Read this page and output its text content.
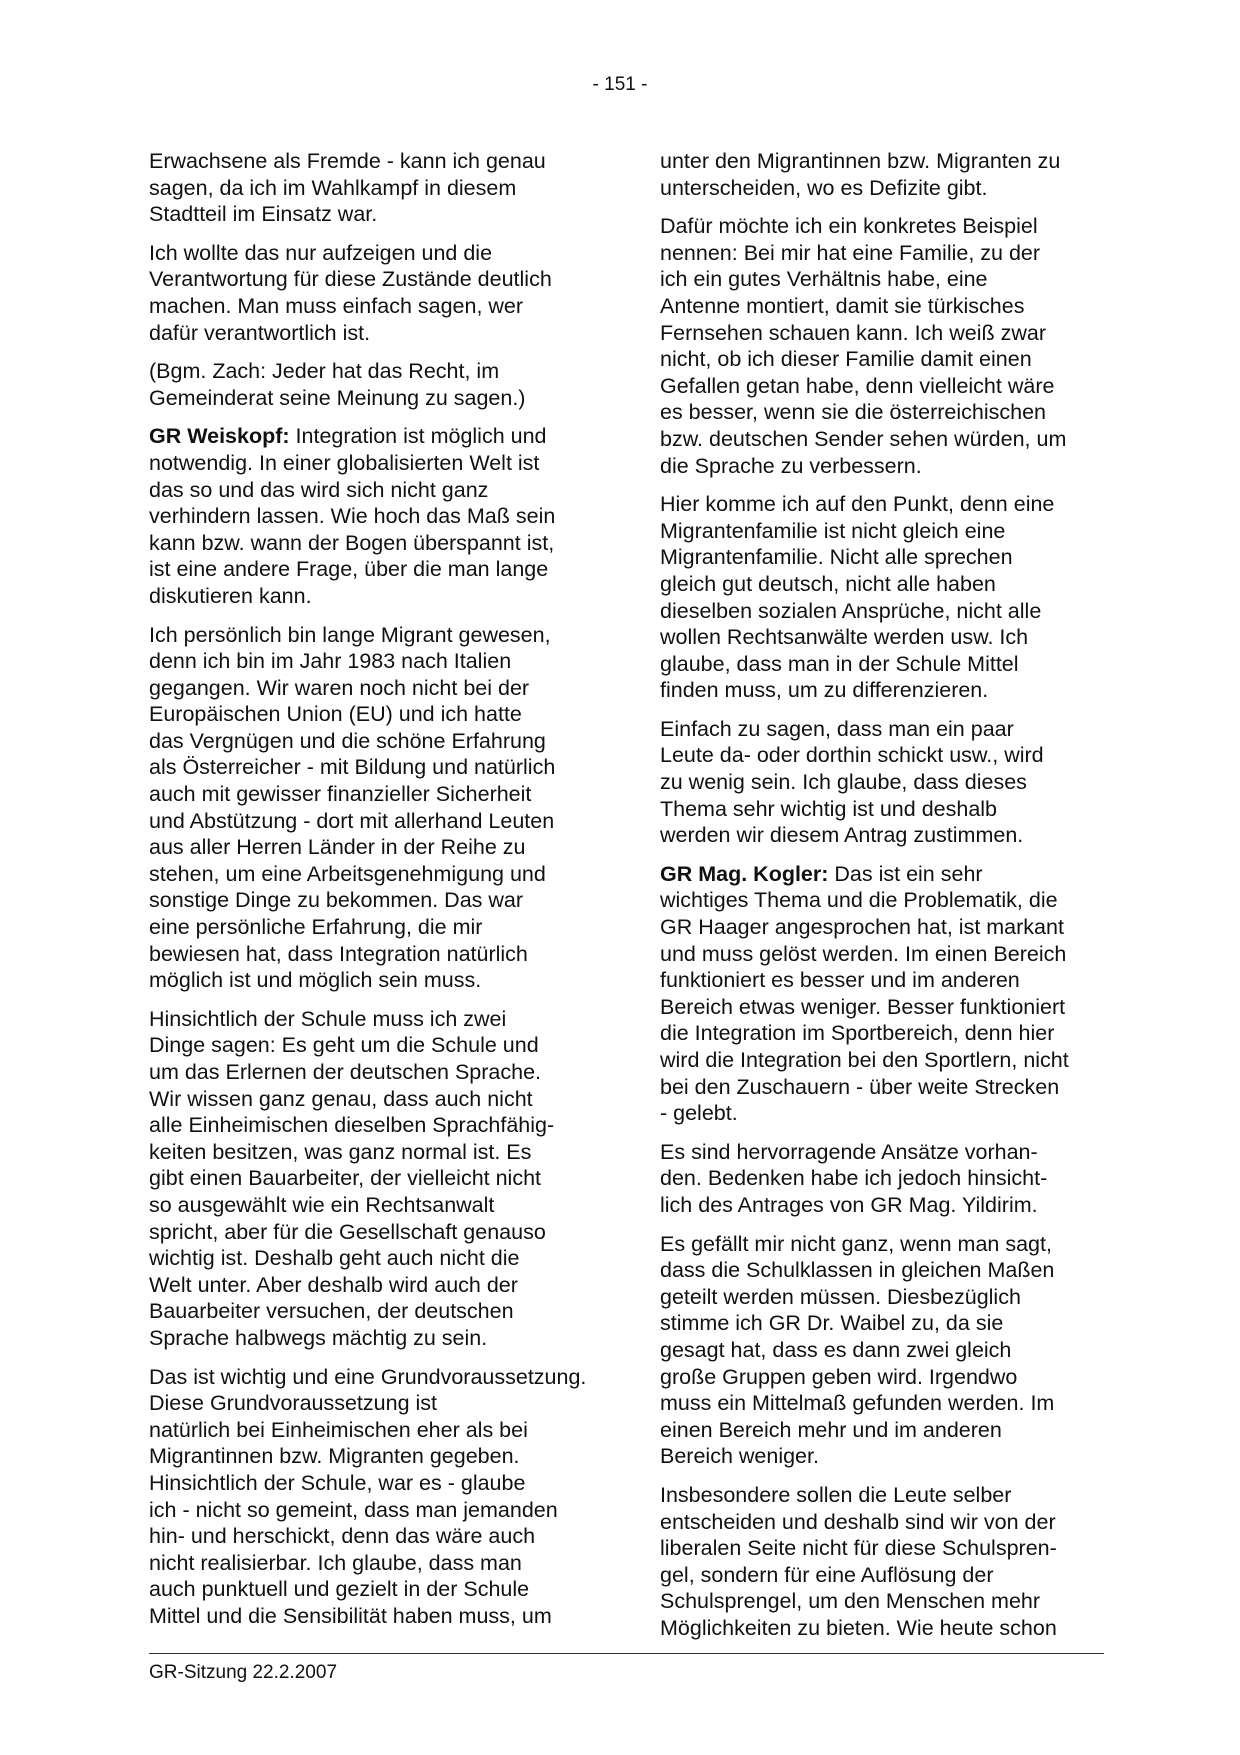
- 151 -

Erwachsene als Fremde - kann ich genau
sagen, da ich im Wahlkampf in diesem
Stadtteil im Einsatz war.

Ich wollte das nur aufzeigen und die
Verantwortung für diese Zustände deutlich
machen. Man muss einfach sagen, wer
dafür verantwortlich ist.

(Bgm. Zach: Jeder hat das Recht, im
Gemeinderat seine Meinung zu sagen.)

GR Weiskopf: Integration ist möglich und
notwendig. In einer globalisierten Welt ist
das so und das wird sich nicht ganz
verhindern lassen. Wie hoch das Maß sein
kann bzw. wann der Bogen überspannt ist,
ist eine andere Frage, über die man lange
diskutieren kann.

Ich persönlich bin lange Migrant gewesen,
denn ich bin im Jahr 1983 nach Italien
gegangen. Wir waren noch nicht bei der
Europäischen Union (EU) und ich hatte
das Vergnügen und die schöne Erfahrung
als Österreicher - mit Bildung und natürlich
auch mit gewisser finanzieller Sicherheit
und Abstützung - dort mit allerhand Leuten
aus aller Herren Länder in der Reihe zu
stehen, um eine Arbeitsgenehmigung und
sonstige Dinge zu bekommen. Das war
eine persönliche Erfahrung, die mir
bewiesen hat, dass Integration natürlich
möglich ist und möglich sein muss.

Hinsichtlich der Schule muss ich zwei
Dinge sagen: Es geht um die Schule und
um das Erlernen der deutschen Sprache.
Wir wissen ganz genau, dass auch nicht
alle Einheimischen dieselben Sprachfähig-
keiten besitzen, was ganz normal ist. Es
gibt einen Bauarbeiter, der vielleicht nicht
so ausgewählt wie ein Rechtsanwalt
spricht, aber für die Gesellschaft genauso
wichtig ist. Deshalb geht auch nicht die
Welt unter. Aber deshalb wird auch der
Bauarbeiter versuchen, der deutschen
Sprache halbwegs mächtig zu sein.

Das ist wichtig und eine Grundvoraussetzung.
Diese Grundvoraussetzung ist
natürlich bei Einheimischen eher als bei
Migrantinnen bzw. Migranten gegeben.
Hinsichtlich der Schule, war es - glaube
ich - nicht so gemeint, dass man jemanden
hin- und herschickt, denn das wäre auch
nicht realisierbar. Ich glaube, dass man
auch punktuell und gezielt in der Schule
Mittel und die Sensibilität haben muss, um

unter den Migrantinnen bzw. Migranten zu
unterscheiden, wo es Defizite gibt.

Dafür möchte ich ein konkretes Beispiel
nennen: Bei mir hat eine Familie, zu der
ich ein gutes Verhältnis habe, eine
Antenne montiert, damit sie türkisches
Fernsehen schauen kann. Ich weiß zwar
nicht, ob ich dieser Familie damit einen
Gefallen getan habe, denn vielleicht wäre
es besser, wenn sie die österreichischen
bzw. deutschen Sender sehen würden, um
die Sprache zu verbessern.

Hier komme ich auf den Punkt, denn eine
Migrantenfamilie ist nicht gleich eine
Migrantenfamilie. Nicht alle sprechen
gleich gut deutsch, nicht alle haben
dieselben sozialen Ansprüche, nicht alle
wollen Rechtsanwälte werden usw. Ich
glaube, dass man in der Schule Mittel
finden muss, um zu differenzieren.

Einfach zu sagen, dass man ein paar
Leute da- oder dorthin schickt usw., wird
zu wenig sein. Ich glaube, dass dieses
Thema sehr wichtig ist und deshalb
werden wir diesem Antrag zustimmen.

GR Mag. Kogler: Das ist ein sehr
wichtiges Thema und die Problematik, die
GR Haager angesprochen hat, ist markant
und muss gelöst werden. Im einen Bereich
funktioniert es besser und im anderen
Bereich etwas weniger. Besser funktioniert
die Integration im Sportbereich, denn hier
wird die Integration bei den Sportlern, nicht
bei den Zuschauern - über weite Strecken
- gelebt.

Es sind hervorragende Ansätze vorhan-
den. Bedenken habe ich jedoch hinsicht-
lich des Antrages von GR Mag. Yildirim.

Es gefällt mir nicht ganz, wenn man sagt,
dass die Schulklassen in gleichen Maßen
geteilt werden müssen. Diesbezüglich
stimme ich GR Dr. Waibel zu, da sie
gesagt hat, dass es dann zwei gleich
große Gruppen geben wird. Irgendwo
muss ein Mittelmaß gefunden werden. Im
einen Bereich mehr und im anderen
Bereich weniger.

Insbesondere sollen die Leute selber
entscheiden und deshalb sind wir von der
liberalen Seite nicht für diese Schulspren-
gel, sondern für eine Auflösung der
Schulsprengel, um den Menschen mehr
Möglichkeiten zu bieten. Wie heute schon

GR-Sitzung 22.2.2007
